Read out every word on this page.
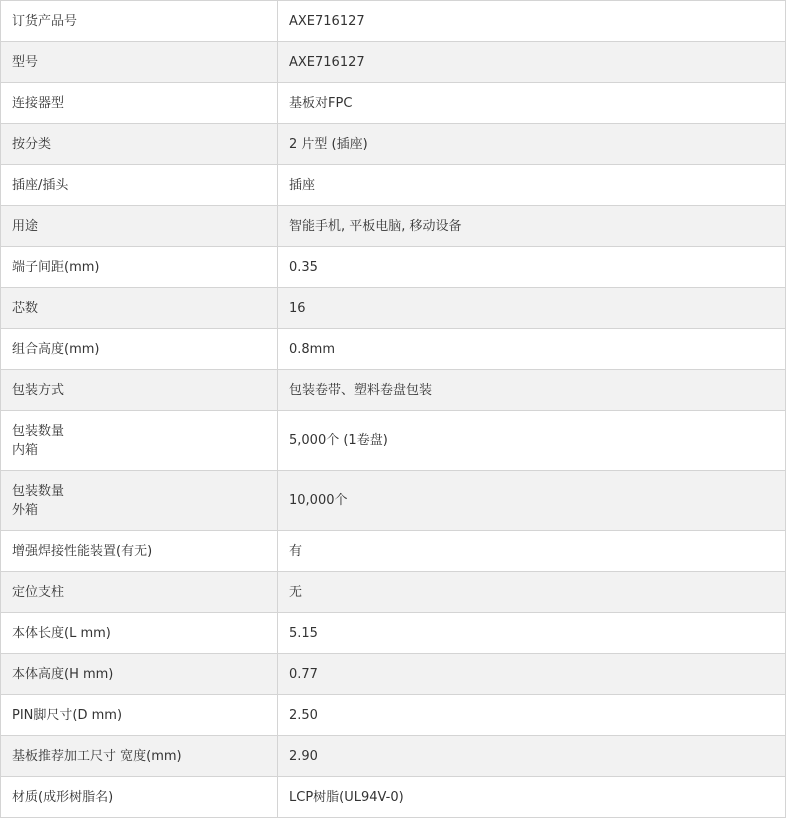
订货产品号	AXE716127

型号	AXE716127

连接器型	基板对FPC

按分类	2 片型 (插座)

插座/插头	插座

用途	智能手机, 平板电脑, 移动设备

端子间距(mm)	0.35

芯数	16

组合高度(mm)	0.8mm

包装方式	包装卷带、塑料卷盘包装

包装数量
内箱	5,000个 (1卷盘)

包装数量
外箱	10,000个

增强焊接性能装置(有无)	有

定位支柱	无

本体长度(L mm)	5.15

本体高度(H mm)	0.77

PIN脚尺寸(D mm)	2.50

基板推荐加工尺寸 宽度(mm)	2.90

材质(成形树脂名)	LCP树脂(UL94V-0)
